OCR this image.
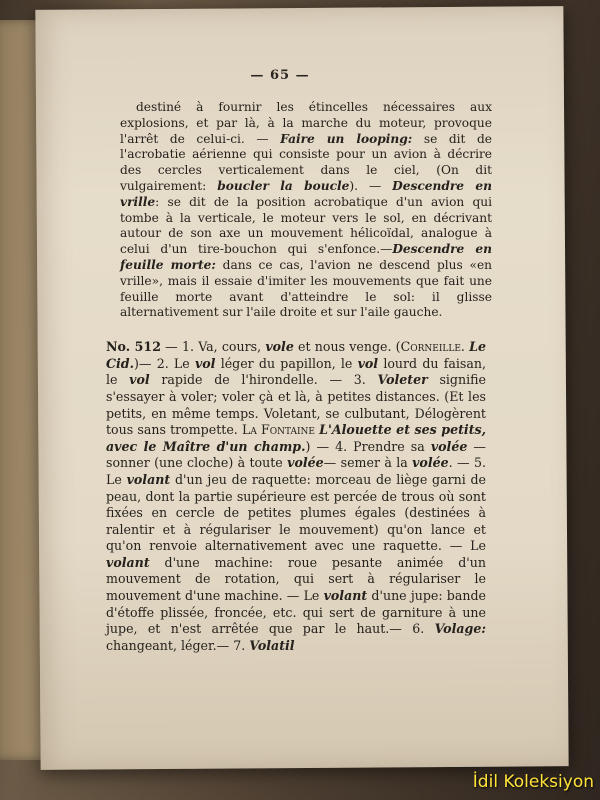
— 65 —

destiné à fournir les étincelles nécessaires aux explosions, et par là, à la marche du moteur, provoque l'arrêt de celui-ci. — Faire un looping: se dit de l'acrobatie aérienne qui consiste pour un avion à décrire des cercles verticalement dans le ciel, (On dit vulgairement: boucler la boucle). — Descendre en vrille: se dit de la position acrobatique d'un avion qui tombe à la verticale, le moteur vers le sol, en décrivant autour de son axe un mouvement hélicoïdal, analogue à celui d'un tire-bouchon qui s'enfonce.—Descendre en feuille morte: dans ce cas, l'avion ne descend plus «en vrille», mais il essaie d'imiter les mouvements que fait une feuille morte avant d'atteindre le sol: il glisse alternativement sur l'aile droite et sur l'aile gauche.

No. 512 — 1. Va, cours, vole et nous venge. (Corneille. Le Cid.)— 2. Le vol léger du papillon, le vol lourd du faisan, le vol rapide de l'hirondelle. — 3. Voleter signifie s'essayer à voler; voler çà et là, à petites distances. (Et les petits, en même temps. Voletant, se culbutant, Délogèrent tous sans trompette. La Fontaine L'Alouette et ses petits, avec le Maître d'un champ.) — 4. Prendre sa volée — sonner (une cloche) à toute volée— semer à la volée. — 5. Le volant d'un jeu de raquette: morceau de liège garni de peau, dont la partie supérieure est percée de trous où sont fixées en cercle de petites plumes égales (destinées à ralentir et à régulariser le mouvement) qu'on lance et qu'on renvoie alternativement avec une raquette. — Le volant d'une machine: roue pesante animée d'un mouvement de rotation, qui sert à régulariser le mouvement d'une machine. — Le volant d'une jupe: bande d'étoffe plissée, froncée, etc. qui sert de garniture à une jupe, et n'est arrêtée que par le haut.— 6. Volage: changeant, léger.— 7. Volatil

İdil Koleksiyon
